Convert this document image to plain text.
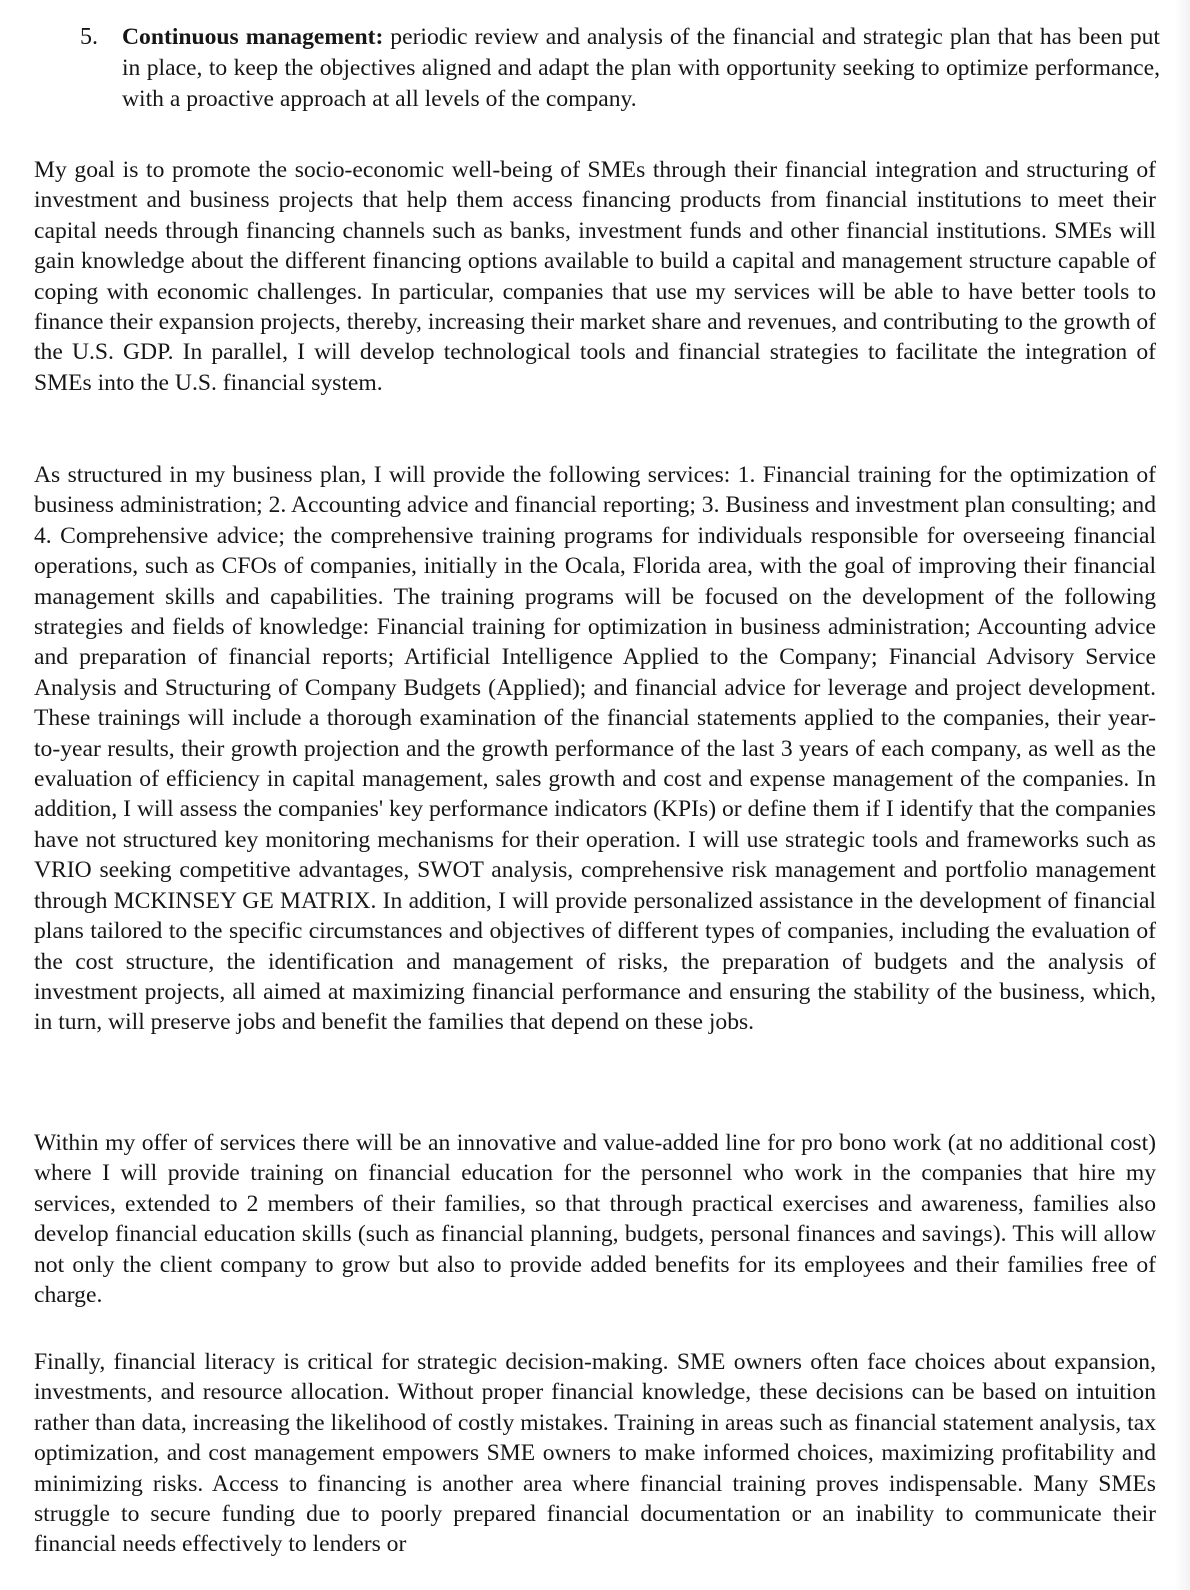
5. Continuous management: periodic review and analysis of the financial and strategic plan that has been put in place, to keep the objectives aligned and adapt the plan with opportunity seeking to optimize performance, with a proactive approach at all levels of the company.

My goal is to promote the socio-economic well-being of SMEs through their financial integration and structuring of investment and business projects that help them access financing products from financial institutions to meet their capital needs through financing channels such as banks, investment funds and other financial institutions. SMEs will gain knowledge about the different financing options available to build a capital and management structure capable of coping with economic challenges. In particular, companies that use my services will be able to have better tools to finance their expansion projects, thereby, increasing their market share and revenues, and contributing to the growth of the U.S. GDP. In parallel, I will develop technological tools and financial strategies to facilitate the integration of SMEs into the U.S. financial system.

As structured in my business plan, I will provide the following services: 1. Financial training for the optimization of business administration; 2. Accounting advice and financial reporting; 3. Business and investment plan consulting; and 4. Comprehensive advice; the comprehensive training programs for individuals responsible for overseeing financial operations, such as CFOs of companies, initially in the Ocala, Florida area, with the goal of improving their financial management skills and capabilities. The training programs will be focused on the development of the following strategies and fields of knowledge: Financial training for optimization in business administration; Accounting advice and preparation of financial reports; Artificial Intelligence Applied to the Company; Financial Advisory Service Analysis and Structuring of Company Budgets (Applied); and financial advice for leverage and project development. These trainings will include a thorough examination of the financial statements applied to the companies, their year-to-year results, their growth projection and the growth performance of the last 3 years of each company, as well as the evaluation of efficiency in capital management, sales growth and cost and expense management of the companies. In addition, I will assess the companies' key performance indicators (KPIs) or define them if I identify that the companies have not structured key monitoring mechanisms for their operation. I will use strategic tools and frameworks such as VRIO seeking competitive advantages, SWOT analysis, comprehensive risk management and portfolio management through MCKINSEY GE MATRIX. In addition, I will provide personalized assistance in the development of financial plans tailored to the specific circumstances and objectives of different types of companies, including the evaluation of the cost structure, the identification and management of risks, the preparation of budgets and the analysis of investment projects, all aimed at maximizing financial performance and ensuring the stability of the business, which, in turn, will preserve jobs and benefit the families that depend on these jobs.

Within my offer of services there will be an innovative and value-added line for pro bono work (at no additional cost) where I will provide training on financial education for the personnel who work in the companies that hire my services, extended to 2 members of their families, so that through practical exercises and awareness, families also develop financial education skills (such as financial planning, budgets, personal finances and savings). This will allow not only the client company to grow but also to provide added benefits for its employees and their families free of charge.

Finally, financial literacy is critical for strategic decision-making. SME owners often face choices about expansion, investments, and resource allocation. Without proper financial knowledge, these decisions can be based on intuition rather than data, increasing the likelihood of costly mistakes. Training in areas such as financial statement analysis, tax optimization, and cost management empowers SME owners to make informed choices, maximizing profitability and minimizing risks. Access to financing is another area where financial training proves indispensable. Many SMEs struggle to secure funding due to poorly prepared financial documentation or an inability to communicate their financial needs effectively to lenders or
